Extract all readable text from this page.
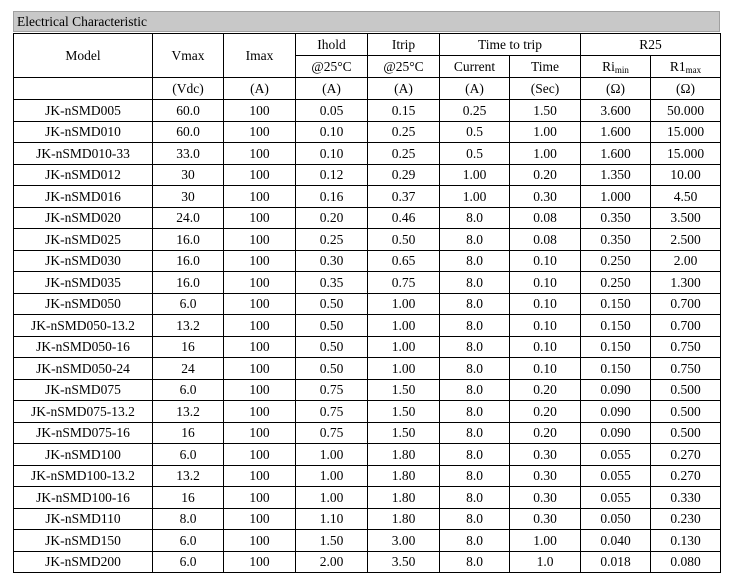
Electrical Characteristic
Model	Vmax	Imax	Ihold	Itrip	Time to trip		R25	
			@25°C	@25°C	Current	Time	$Ri_{min}$	$R1_{max}$
	(Vdc)	(A)	(A)	(A)	(A)	(Sec)	(Ω)	(Ω)
JK-nSMD005	60.0	100	0.05	0.15	0.25	1.50	3.600	50.000
JK-nSMD010	60.0	100	0.10	0.25	0.5	1.00	1.600	15.000
JK-nSMD010-33	33.0	100	0.10	0.25	0.5	1.00	1.600	15.000
JK-nSMD012	30	100	0.12	0.29	1.00	0.20	1.350	10.00
JK-nSMD016	30	100	0.16	0.37	1.00	0.30	1.000	4.50
JK-nSMD020	24.0	100	0.20	0.46	8.0	0.08	0.350	3.500
JK-nSMD025	16.0	100	0.25	0.50	8.0	0.08	0.350	2.500
JK-nSMD030	16.0	100	0.30	0.65	8.0	0.10	0.250	2.00
JK-nSMD035	16.0	100	0.35	0.75	8.0	0.10	0.250	1.300
JK-nSMD050	6.0	100	0.50	1.00	8.0	0.10	0.150	0.700
JK-nSMD050-13.2	13.2	100	0.50	1.00	8.0	0.10	0.150	0.700
JK-nSMD050-16	16	100	0.50	1.00	8.0	0.10	0.150	0.750
JK-nSMD050-24	24	100	0.50	1.00	8.0	0.10	0.150	0.750
JK-nSMD075	6.0	100	0.75	1.50	8.0	0.20	0.090	0.500
JK-nSMD075-13.2	13.2	100	0.75	1.50	8.0	0.20	0.090	0.500
JK-nSMD075-16	16	100	0.75	1.50	8.0	0.20	0.090	0.500
JK-nSMD100	6.0	100	1.00	1.80	8.0	0.30	0.055	0.270
JK-nSMD100-13.2	13.2	100	1.00	1.80	8.0	0.30	0.055	0.270
JK-nSMD100-16	16	100	1.00	1.80	8.0	0.30	0.055	0.330
JK-nSMD110	8.0	100	1.10	1.80	8.0	0.30	0.050	0.230
JK-nSMD150	6.0	100	1.50	3.00	8.0	1.00	0.040	0.130
JK-nSMD200	6.0	100	2.00	3.50	8.0	1.0	0.018	0.080
